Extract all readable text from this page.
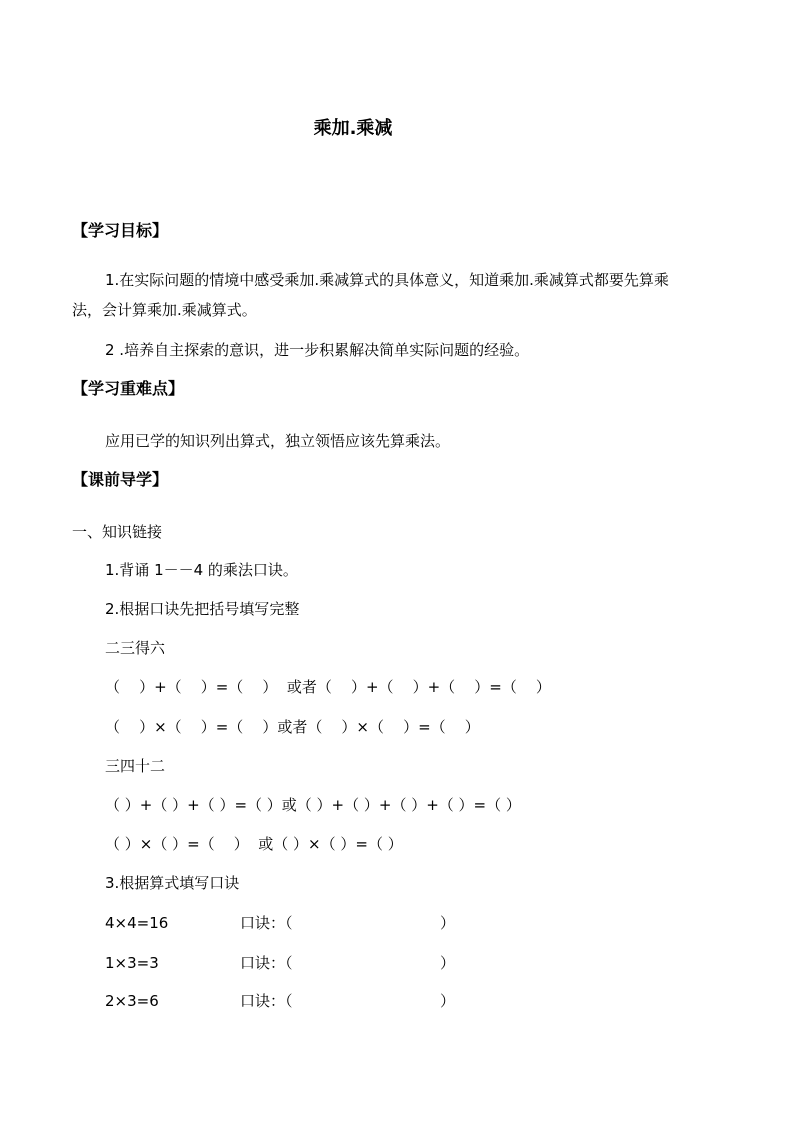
乘加.乘减
【学习目标】
1.在实际问题的情境中感受乘加.乘减算式的具体意义，知道乘加.乘减算式都要先算乘
法，会计算乘加.乘减算式。
2 .培养自主探索的意识，进一步积累解决简单实际问题的经验。
【学习重难点】
应用已学的知识列出算式，独立领悟应该先算乘法。
【课前导学】
一、知识链接
1.背诵 1－－4 的乘法口诀。
2.根据口诀先把括号填写完整
二三得六
（    ）+（    ）=（    ）  或者（    ）+（    ）+（    ）=（    ）
（    ）×（    ）=（    ）或者（    ）×（    ）=（    ）
三四十二
（ ）+（ ）+（ ）=（ ）或（ ）+（ ）+（ ）+（ ）=（ ）
（ ）×（ ）=（    ）  或（ ）×（ ）=（ ）
3.根据算式填写口诀
4×4=16	口诀：（	）
1×3=3	口诀：（	）
2×3=6	口诀：（	）
